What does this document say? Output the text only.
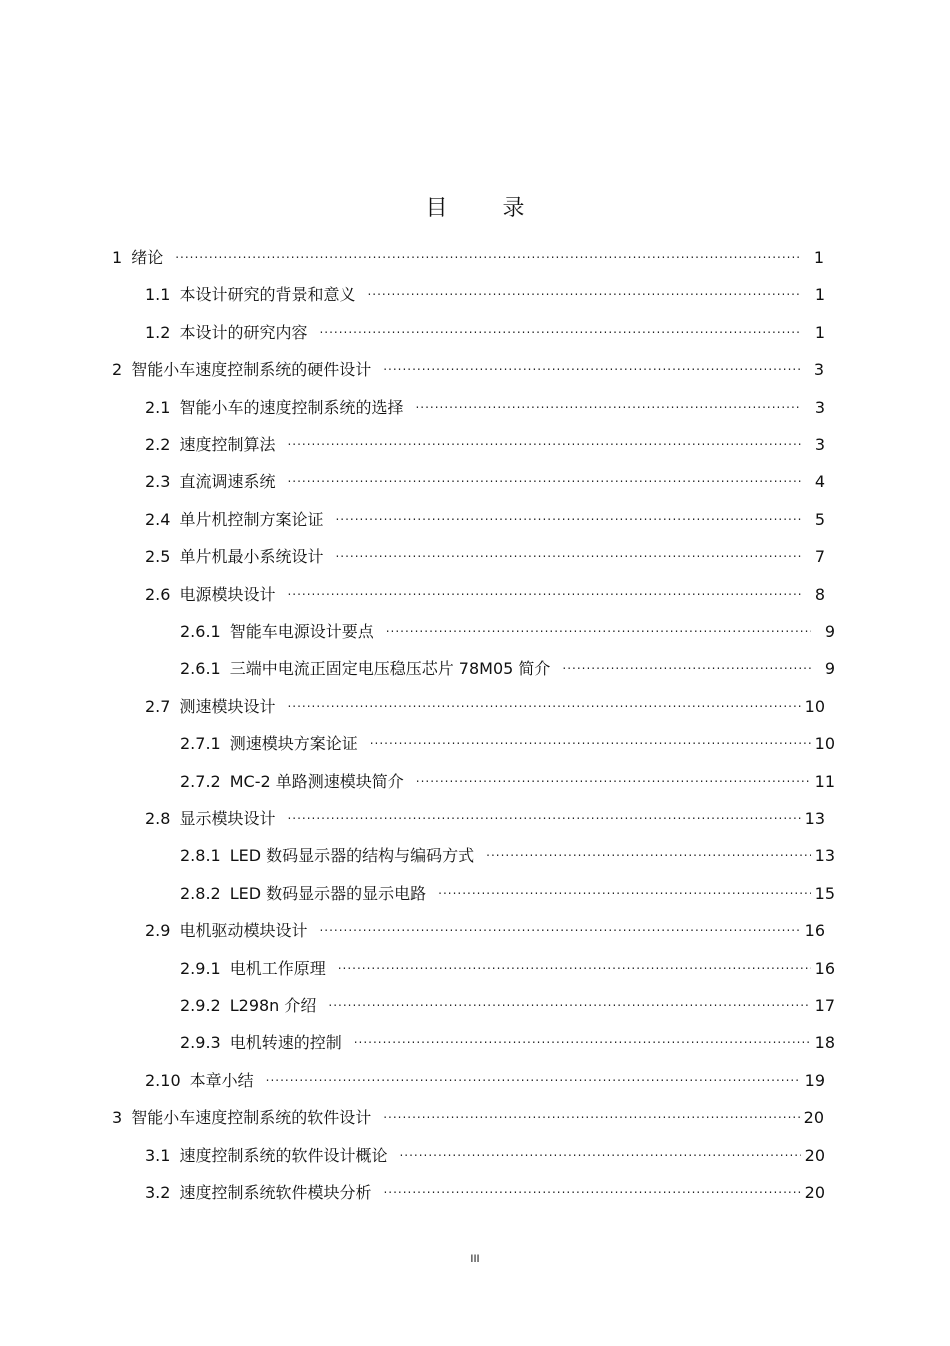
目 录
1 绪论 .....	1
1.1 本设计研究的背景和意义 .....	1
1.2 本设计的研究内容 .....	1
2 智能小车速度控制系统的硬件设计 .....	3
2.1 智能小车的速度控制系统的选择 .....	3
2.2 速度控制算法 .....	3
2.3 直流调速系统 .....	4
2.4 单片机控制方案论证 .....	5
2.5 单片机最小系统设计 .....	7
2.6 电源模块设计 .....	8
2.6.1 智能车电源设计要点 .....	9
2.6.1 三端中电流正固定电压稳压芯片 78M05 简介 .....	9
2.7 测速模块设计 .....	10
2.7.1 测速模块方案论证 .....	10
2.7.2 MC-2 单路测速模块简介 .....	11
2.8 显示模块设计 .....	13
2.8.1 LED 数码显示器的结构与编码方式 .....	13
2.8.2 LED 数码显示器的显示电路 .....	15
2.9 电机驱动模块设计 .....	16
2.9.1 电机工作原理 .....	16
2.9.2 L298n 介绍 .....	17
2.9.3 电机转速的控制 .....	18
2.10 本章小结 .....	19
3 智能小车速度控制系统的软件设计 .....	20
3.1 速度控制系统的软件设计概论 .....	20
3.2 速度控制系统软件模块分析 .....	20
III
